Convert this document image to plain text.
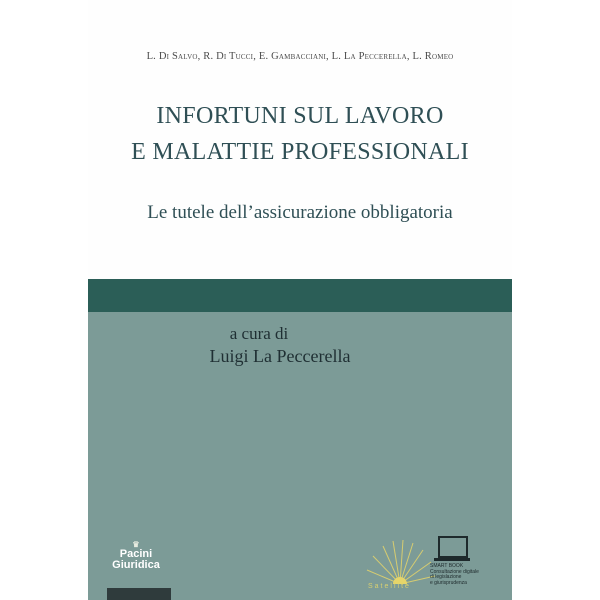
L. Di Salvo, R. Di Tucci, E. Gambacciani, L. La Peccerella, L. Romeo
INFORTUNI SUL LAVORO
E MALATTIE PROFESSIONALI
Le tutele dell’assicurazione obbligatoria
a cura di
Luigi La Peccerella
♛
Pacini
Giuridica
Satellite
SMART BOOK
Consultazione digitale
di legislazione
e giurisprudenza
